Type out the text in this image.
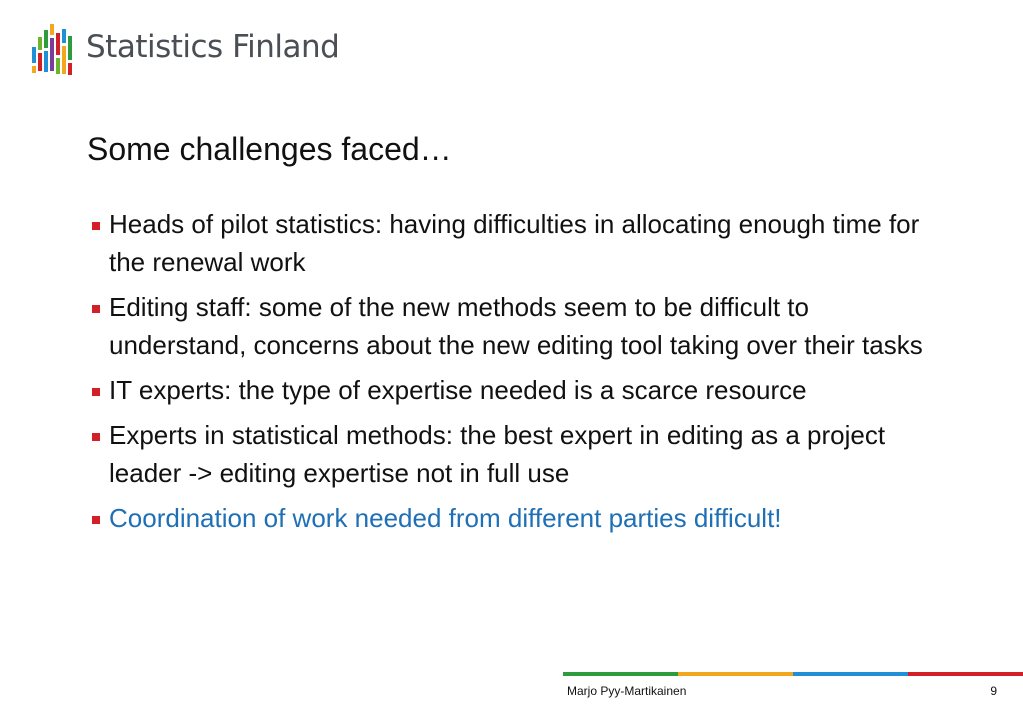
Statistics Finland
Some challenges faced…
Heads of pilot statistics: having difficulties in allocating enough time for the renewal work
Editing staff: some of the new methods seem to be difficult to understand, concerns about the new editing tool taking over their tasks
IT experts: the type of expertise needed is a scarce resource
Experts in statistical methods: the best expert in editing as a project leader -> editing expertise not in full use
Coordination of work needed from different parties difficult!
Marjo Pyy-Martikainen	9
